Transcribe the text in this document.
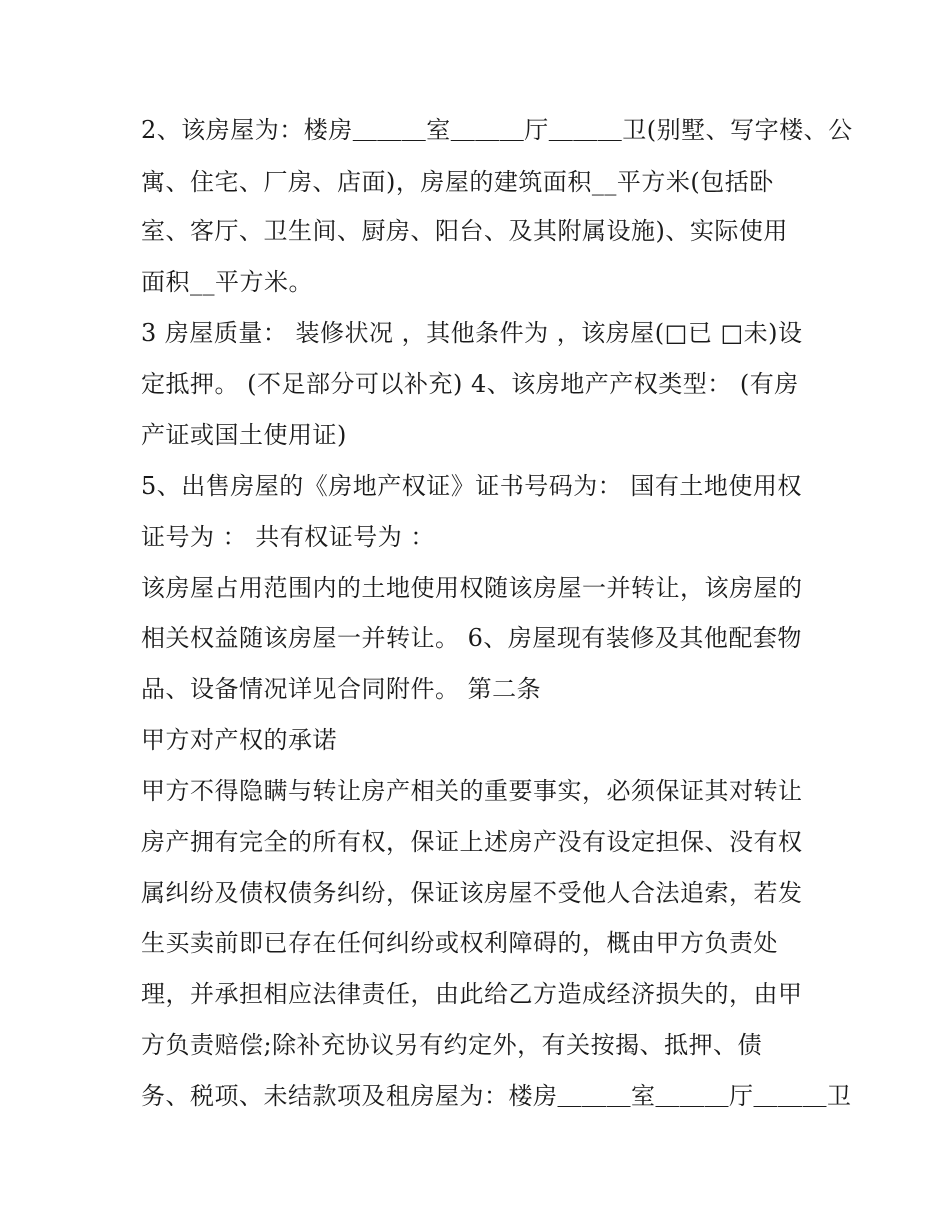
2、该房屋为：楼房＿＿＿室＿＿＿厅＿＿＿卫(别墅、写字楼、公

寓、住宅、厂房、店面)，房屋的建筑面积__平方米(包括卧

室、客厅、卫生间、厨房、阳台、及其附属设施)、实际使用

面积__平方米。

3 房屋质量： 装修状况 ，其他条件为 ，该房屋(□已 □未)设

定抵押。 (不足部分可以补充) 4、该房地产产权类型： (有房

产证或国土使用证)

5、出售房屋的《房地产权证》证书号码为： 国有土地使用权

证号为 ： 共有权证号为 ：

该房屋占用范围内的土地使用权随该房屋一并转让，该房屋的

相关权益随该房屋一并转让。 6、房屋现有装修及其他配套物

品、设备情况详见合同附件。 第二条

甲方对产权的承诺

甲方不得隐瞒与转让房产相关的重要事实，必须保证其对转让

房产拥有完全的所有权，保证上述房产没有设定担保、没有权

属纠纷及债权债务纠纷，保证该房屋不受他人合法追索，若发

生买卖前即已存在任何纠纷或权利障碍的，概由甲方负责处

理，并承担相应法律责任，由此给乙方造成经济损失的，由甲

方负责赔偿;除补充协议另有约定外，有关按揭、抵押、债

务、税项、未结款项及租房屋为：楼房＿＿＿室＿＿＿厅＿＿＿卫
